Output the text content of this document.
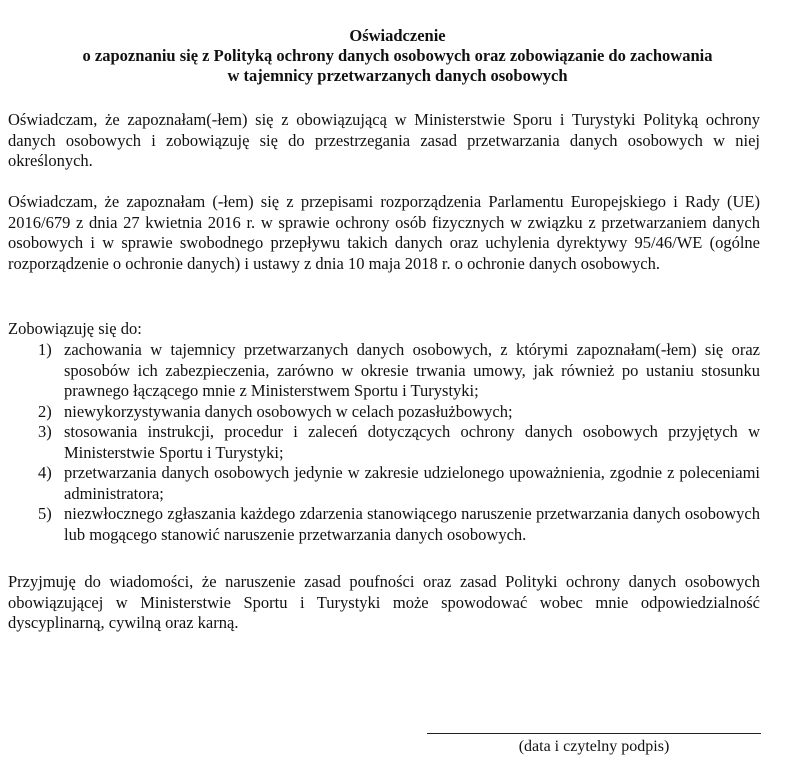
Oświadczenie
o zapoznaniu się z Polityką ochrony danych osobowych oraz zobowiązanie do zachowania
w tajemnicy przetwarzanych danych osobowych
Oświadczam, że zapoznałam(-łem) się z obowiązującą w Ministerstwie Sporu i Turystyki Polityką ochrony danych osobowych i zobowiązuję się do przestrzegania zasad przetwarzania danych osobowych w niej określonych.
Oświadczam, że zapoznałam (-łem) się z przepisami rozporządzenia Parlamentu Europejskiego i Rady (UE) 2016/679 z dnia 27 kwietnia 2016 r. w sprawie ochrony osób fizycznych w związku z przetwarzaniem danych osobowych i w sprawie swobodnego przepływu takich danych oraz uchylenia dyrektywy 95/46/WE (ogólne rozporządzenie o ochronie danych) i ustawy z dnia 10 maja 2018 r. o ochronie danych osobowych.
Zobowiązuję się do:
1) zachowania w tajemnicy przetwarzanych danych osobowych, z którymi zapoznałam(-łem) się oraz sposobów ich zabezpieczenia, zarówno w okresie trwania umowy, jak również po ustaniu stosunku prawnego łączącego mnie z Ministerstwem Sportu i Turystyki;
2) niewykorzystywania danych osobowych w celach pozasłużbowych;
3) stosowania instrukcji, procedur i zaleceń dotyczących ochrony danych osobowych przyjętych w Ministerstwie Sportu i Turystyki;
4) przetwarzania danych osobowych jedynie w zakresie udzielonego upoważnienia, zgodnie z poleceniami administratora;
5) niezwłocznego zgłaszania każdego zdarzenia stanowiącego naruszenie przetwarzania danych osobowych lub mogącego stanowić naruszenie przetwarzania danych osobowych.
Przyjmuję do wiadomości, że naruszenie zasad poufności oraz zasad Polityki ochrony danych osobowych obowiązującej w Ministerstwie Sportu i Turystyki może spowodować wobec mnie odpowiedzialność dyscyplinarną, cywilną oraz karną.
(data i czytelny podpis)
